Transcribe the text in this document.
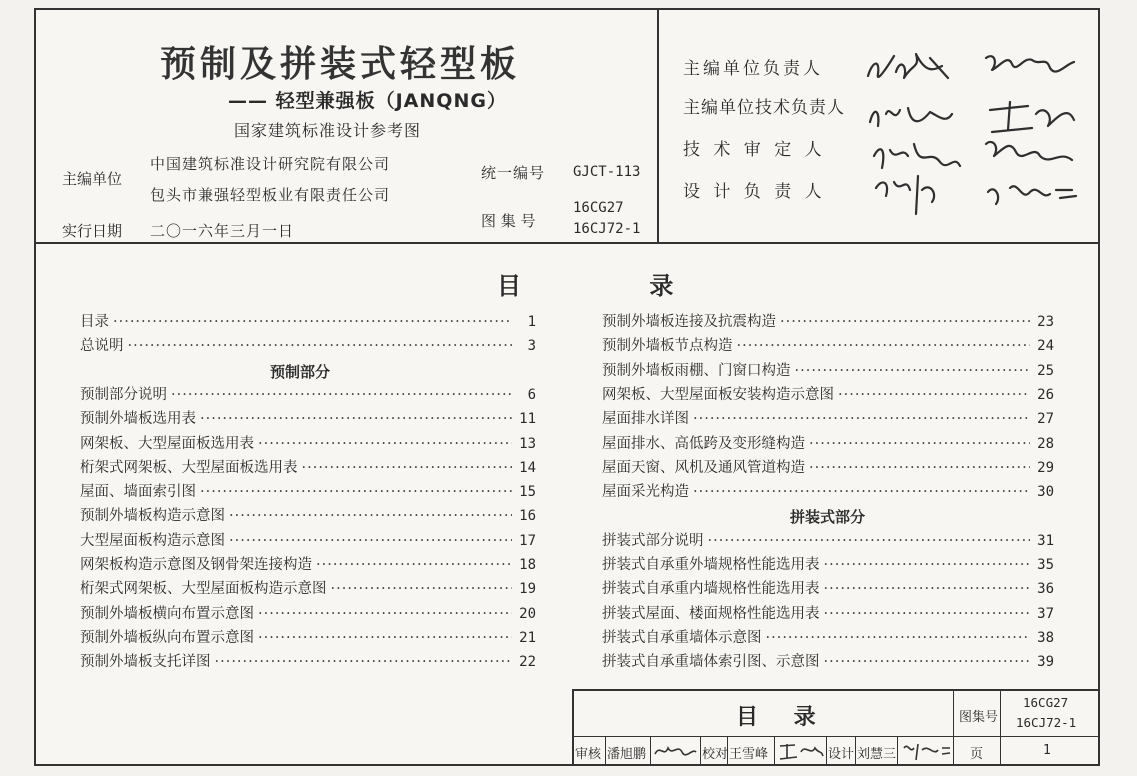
预制及拼装式轻型板
—— 轻型兼强板（JANQNG）
国家建筑标准设计参考图
主编单位
中国建筑标准设计研究院有限公司
包头市兼强轻型板业有限责任公司
实行日期 二〇一六年三月一日
统一编号 GJCT-113
图 集 号
16CG27
16CJ72-1
主编单位负责人
主编单位技术负责人
技 术 审 定 人
设 计 负 责 人
目 录
目录 ·····	1
总说明 ·····	3
预制部分
预制部分说明 ·····	6
预制外墙板选用表 ·····	11
网架板、大型屋面板选用表 ·····	13
桁架式网架板、大型屋面板选用表 ·····	14
屋面、墙面索引图 ·····	15
预制外墙板构造示意图 ·····	16
大型屋面板构造示意图 ·····	17
网架板构造示意图及钢骨架连接构造 ·····	18
桁架式网架板、大型屋面板构造示意图 ·····	19
预制外墙板横向布置示意图 ·····	20
预制外墙板纵向布置示意图 ·····	21
预制外墙板支托详图 ·····	22
预制外墙板连接及抗震构造 ·····	23
预制外墙板节点构造 ·····	24
预制外墙板雨棚、门窗口构造 ·····	25
网架板、大型屋面板安装构造示意图 ·····	26
屋面排水详图 ·····	27
屋面排水、高低跨及变形缝构造 ·····	28
屋面天窗、风机及通风管道构造 ·····	29
屋面采光构造 ·····	30
拼装式部分
拼装式部分说明 ·····	31
拼装式自承重外墙规格性能选用表 ·····	35
拼装式自承重内墙规格性能选用表 ·····	36
拼装式屋面、楼面规格性能选用表 ·····	37
拼装式自承重墙体示意图 ·····	38
拼装式自承重墙体索引图、示意图 ·····	39
目 录	图集号
16CG27
16CJ72-1
审核 潘旭鹏	校对 王雪峰	设计 刘慧三	页	1
